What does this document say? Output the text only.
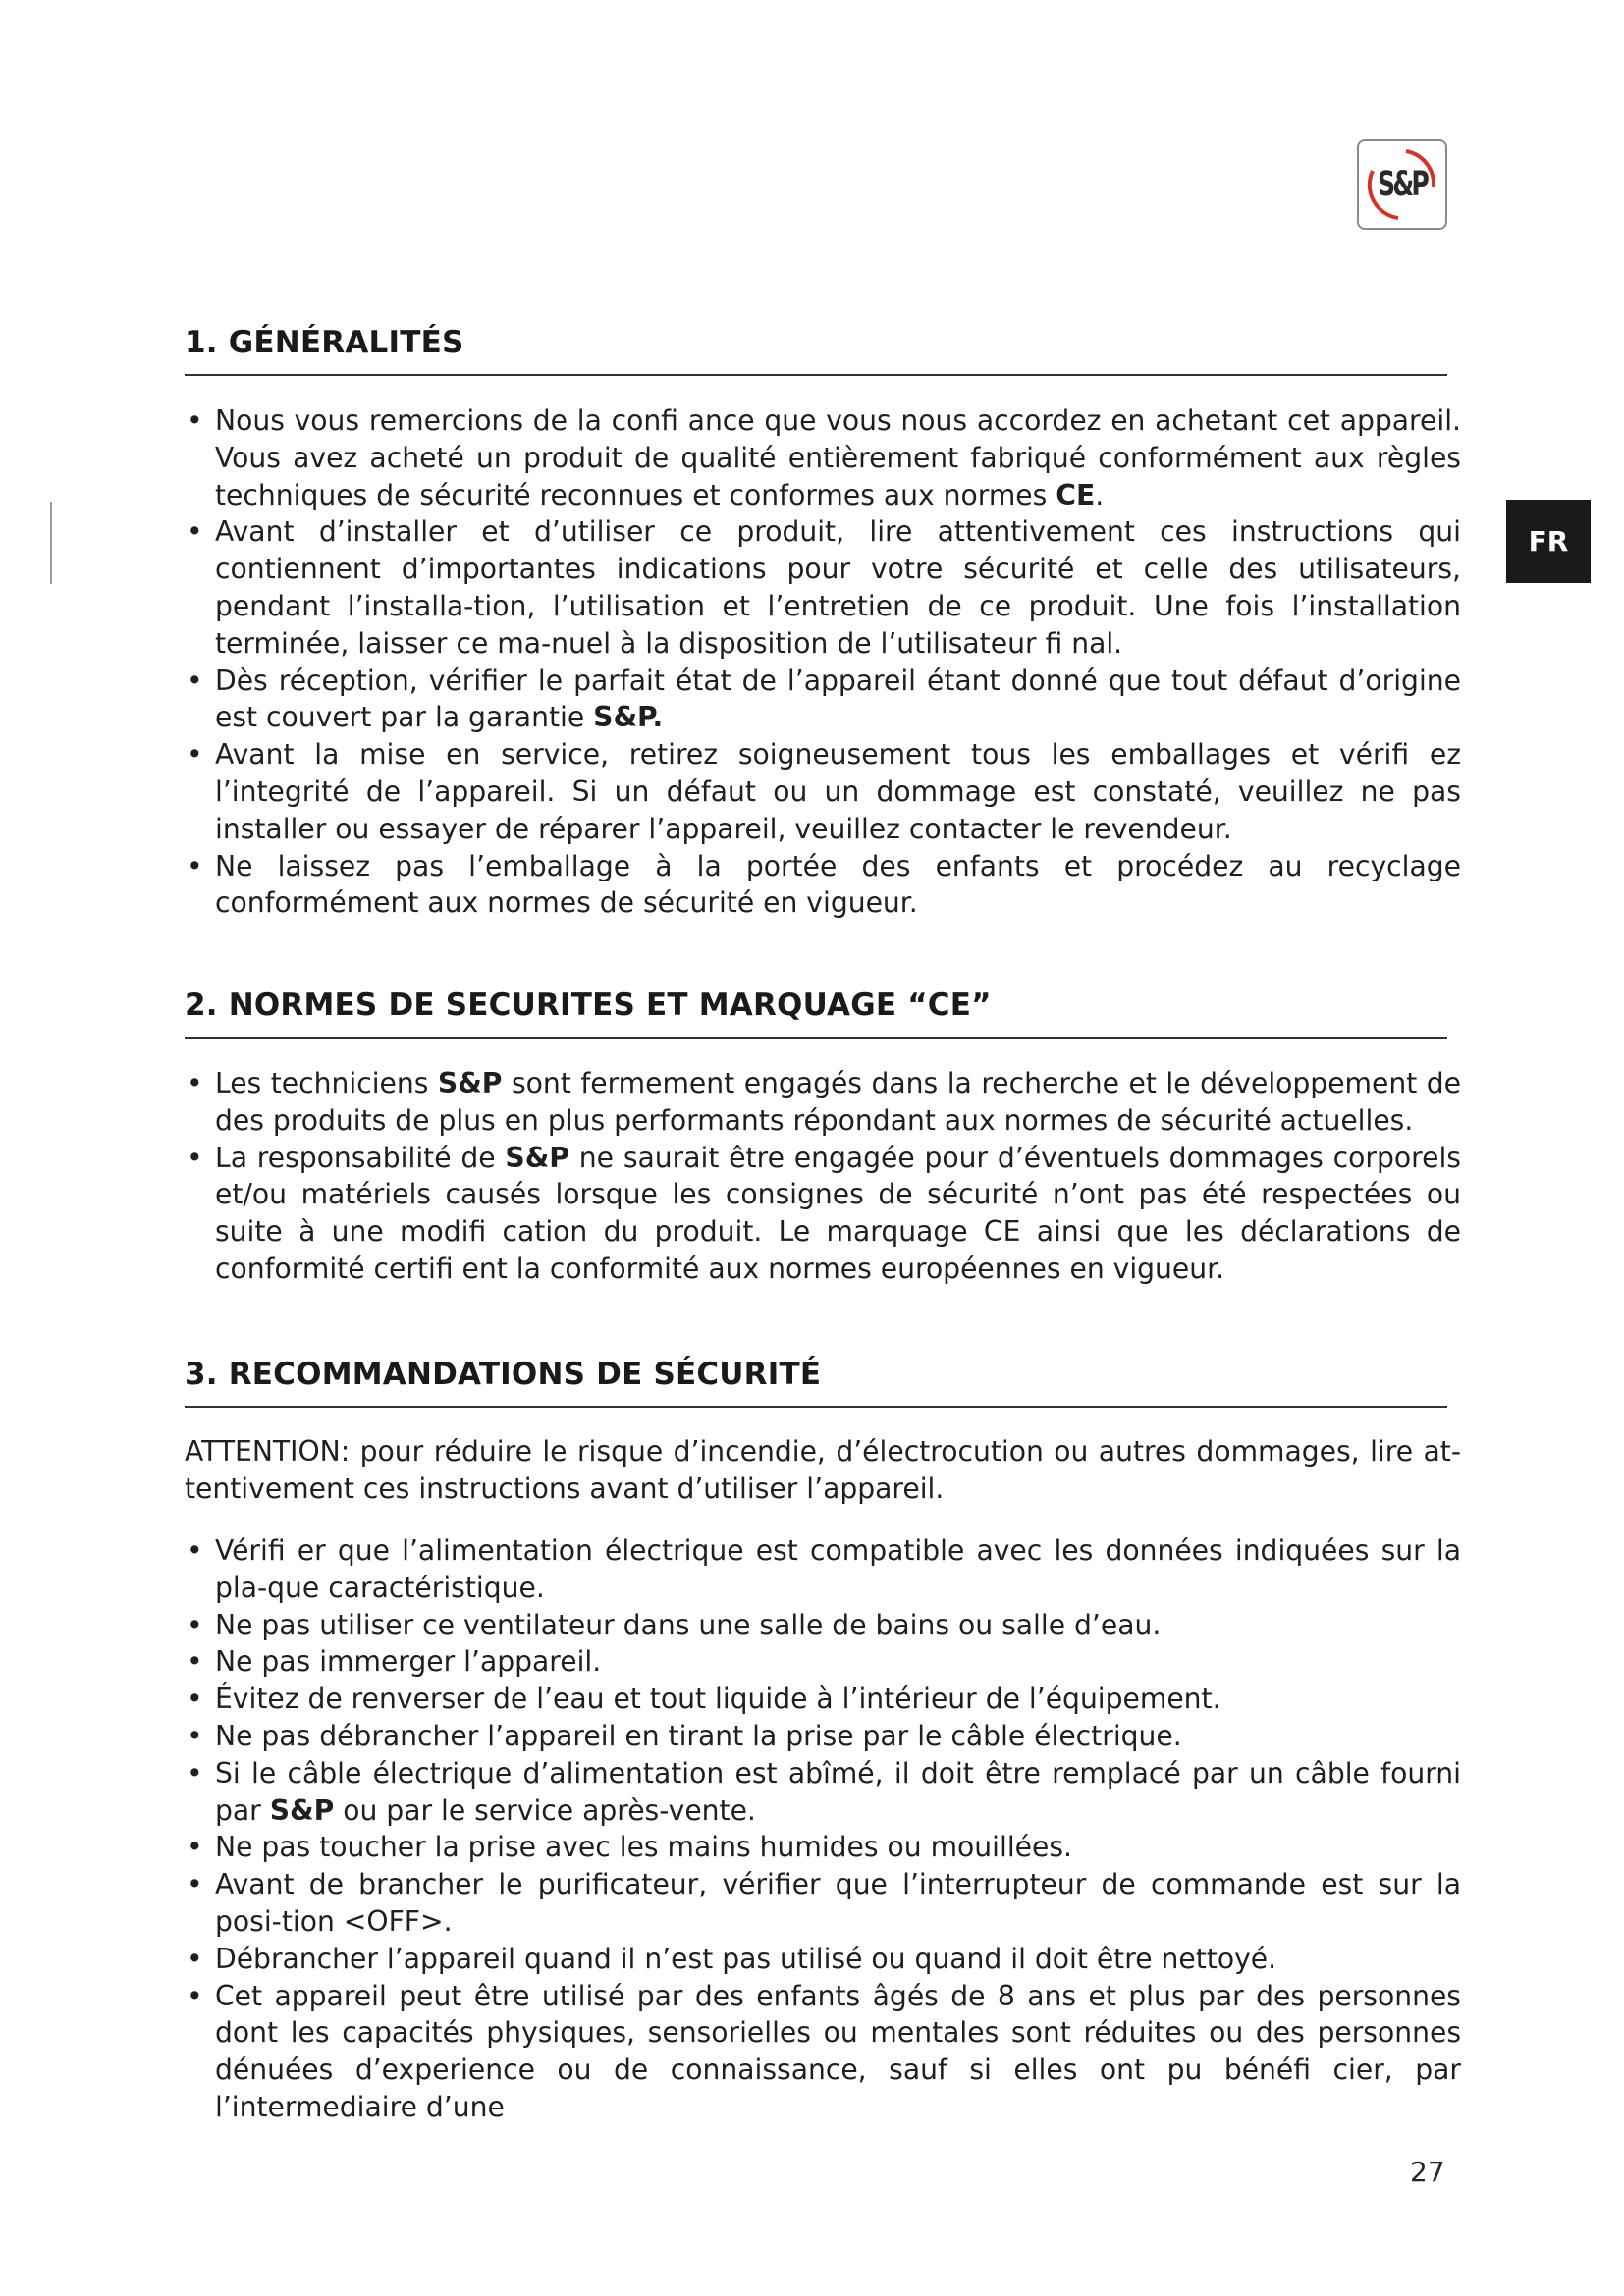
S&P
FR
1. GÉNÉRALITÉS
• Nous vous remercions de la confi ance que vous nous accordez en achetant cet appareil. Vous avez acheté un produit de qualité entièrement fabriqué conformément aux règles techniques de sécurité reconnues et conformes aux normes CE.
• Avant d’installer et d’utiliser ce produit, lire attentivement ces instructions qui contiennent d’importantes indications pour votre sécurité et celle des utilisateurs, pendant l’installa-tion, l’utilisation et l’entretien de ce produit. Une fois l’installation terminée, laisser ce ma-nuel à la disposition de l’utilisateur fi nal.
• Dès réception, vérifier le parfait état de l’appareil étant donné que tout défaut d’origine est couvert par la garantie S&P.
• Avant la mise en service, retirez soigneusement tous les emballages et vérifi ez l’integrité de l’appareil. Si un défaut ou un dommage est constaté, veuillez ne pas installer ou essayer de réparer l’appareil, veuillez contacter le revendeur.
• Ne laissez pas l’emballage à la portée des enfants et procédez au recyclage conformément aux normes de sécurité en vigueur.
2. NORMES DE SECURITES ET MARQUAGE “CE”
• Les techniciens S&P sont fermement engagés dans la recherche et le développement de des produits de plus en plus performants répondant aux normes de sécurité actuelles.
• La responsabilité de S&P ne saurait être engagée pour d’éventuels dommages corporels et/ou matériels causés lorsque les consignes de sécurité n’ont pas été respectées ou suite à une modifi cation du produit. Le marquage CE ainsi que les déclarations de conformité certifi ent la conformité aux normes européennes en vigueur.
3. RECOMMANDATIONS DE SÉCURITÉ

ATTENTION: pour réduire le risque d’incendie, d’électrocution ou autres dommages, lire at-tentivement ces instructions avant d’utiliser l’appareil.

• Vérifi er que l’alimentation électrique est compatible avec les données indiquées sur la pla-que caractéristique.
• Ne pas utiliser ce ventilateur dans une salle de bains ou salle d’eau.
• Ne pas immerger l’appareil.
• Évitez de renverser de l’eau et tout liquide à l’intérieur de l’équipement.
• Ne pas débrancher l’appareil en tirant la prise par le câble électrique.
• Si le câble électrique d’alimentation est abîmé, il doit être remplacé par un câble fourni par S&P ou par le service après-vente.
• Ne pas toucher la prise avec les mains humides ou mouillées.
• Avant de brancher le purificateur, vérifier que l’interrupteur de commande est sur la posi-tion <OFF>.
• Débrancher l’appareil quand il n’est pas utilisé ou quand il doit être nettoyé.
• Cet appareil peut être utilisé par des enfants âgés de 8 ans et plus par des personnes dont les capacités physiques, sensorielles ou mentales sont réduites ou des personnes dénuées d’experience ou de connaissance, sauf si elles ont pu bénéfi cier, par l’intermediaire d’une
27
